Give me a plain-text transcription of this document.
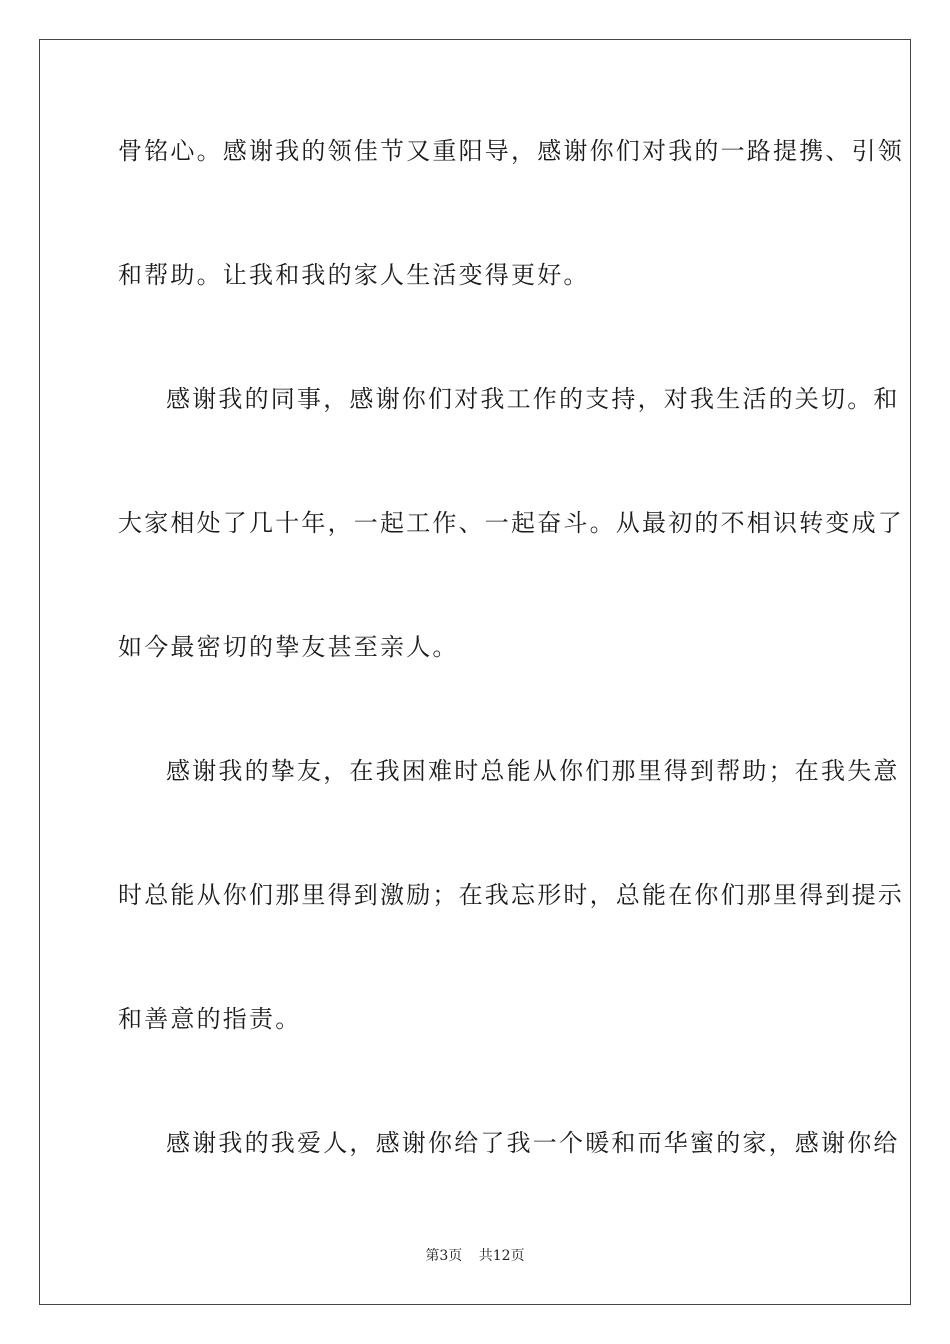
骨铭心。感谢我的领佳节又重阳导，感谢你们对我的一路提携、引领
和帮助。让我和我的家人生活变得更好。
感谢我的同事，感谢你们对我工作的支持，对我生活的关切。和
大家相处了几十年，一起工作、一起奋斗。从最初的不相识转变成了
如今最密切的挚友甚至亲人。
感谢我的挚友，在我困难时总能从你们那里得到帮助；在我失意
时总能从你们那里得到激励；在我忘形时，总能在你们那里得到提示
和善意的指责。
感谢我的我爱人，感谢你给了我一个暖和而华蜜的家，感谢你给
第3页 共12页
